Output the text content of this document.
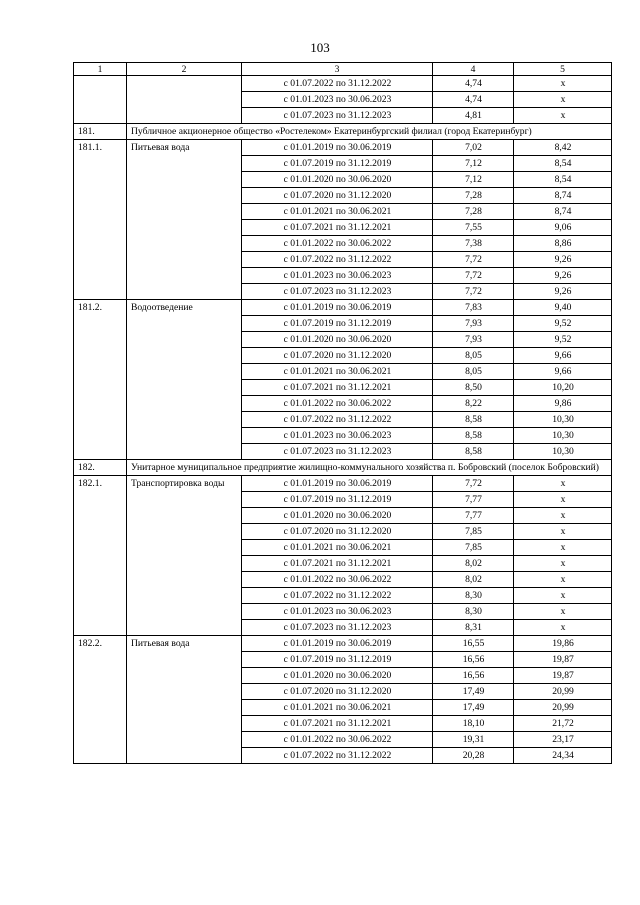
103
1	2	3	4	5
		с 01.07.2022 по 31.12.2022	4,74	х
		с 01.01.2023 по 30.06.2023	4,74	х
		с 01.07.2023 по 31.12.2023	4,81	х
181.	Публичное акционерное общество «Ростелеком» Екатеринбургский филиал (город Екатеринбург)			
181.1.	Питьевая вода	с 01.01.2019 по 30.06.2019	7,02	8,42
		с 01.07.2019 по 31.12.2019	7,12	8,54
		с 01.01.2020 по 30.06.2020	7,12	8,54
		с 01.07.2020 по 31.12.2020	7,28	8,74
		с 01.01.2021 по 30.06.2021	7,28	8,74
		с 01.07.2021 по 31.12.2021	7,55	9,06
		с 01.01.2022 по 30.06.2022	7,38	8,86
		с 01.07.2022 по 31.12.2022	7,72	9,26
		с 01.01.2023 по 30.06.2023	7,72	9,26
		с 01.07.2023 по 31.12.2023	7,72	9,26
181.2.	Водоотведение	с 01.01.2019 по 30.06.2019	7,83	9,40
		с 01.07.2019 по 31.12.2019	7,93	9,52
		с 01.01.2020 по 30.06.2020	7,93	9,52
		с 01.07.2020 по 31.12.2020	8,05	9,66
		с 01.01.2021 по 30.06.2021	8,05	9,66
		с 01.07.2021 по 31.12.2021	8,50	10,20
		с 01.01.2022 по 30.06.2022	8,22	9,86
		с 01.07.2022 по 31.12.2022	8,58	10,30
		с 01.01.2023 по 30.06.2023	8,58	10,30
		с 01.07.2023 по 31.12.2023	8,58	10,30
182.	Унитарное муниципальное предприятие жилищно-коммунального хозяйства п. Бобровский (поселок Бобровский)			
182.1.	Транспортировка воды	с 01.01.2019 по 30.06.2019	7,72	х
		с 01.07.2019 по 31.12.2019	7,77	х
		с 01.01.2020 по 30.06.2020	7,77	х
		с 01.07.2020 по 31.12.2020	7,85	х
		с 01.01.2021 по 30.06.2021	7,85	х
		с 01.07.2021 по 31.12.2021	8,02	х
		с 01.01.2022 по 30.06.2022	8,02	х
		с 01.07.2022 по 31.12.2022	8,30	х
		с 01.01.2023 по 30.06.2023	8,30	х
		с 01.07.2023 по 31.12.2023	8,31	х
182.2.	Питьевая вода	с 01.01.2019 по 30.06.2019	16,55	19,86
		с 01.07.2019 по 31.12.2019	16,56	19,87
		с 01.01.2020 по 30.06.2020	16,56	19,87
		с 01.07.2020 по 31.12.2020	17,49	20,99
		с 01.01.2021 по 30.06.2021	17,49	20,99
		с 01.07.2021 по 31.12.2021	18,10	21,72
		с 01.01.2022 по 30.06.2022	19,31	23,17
		с 01.07.2022 по 31.12.2022	20,28	24,34
